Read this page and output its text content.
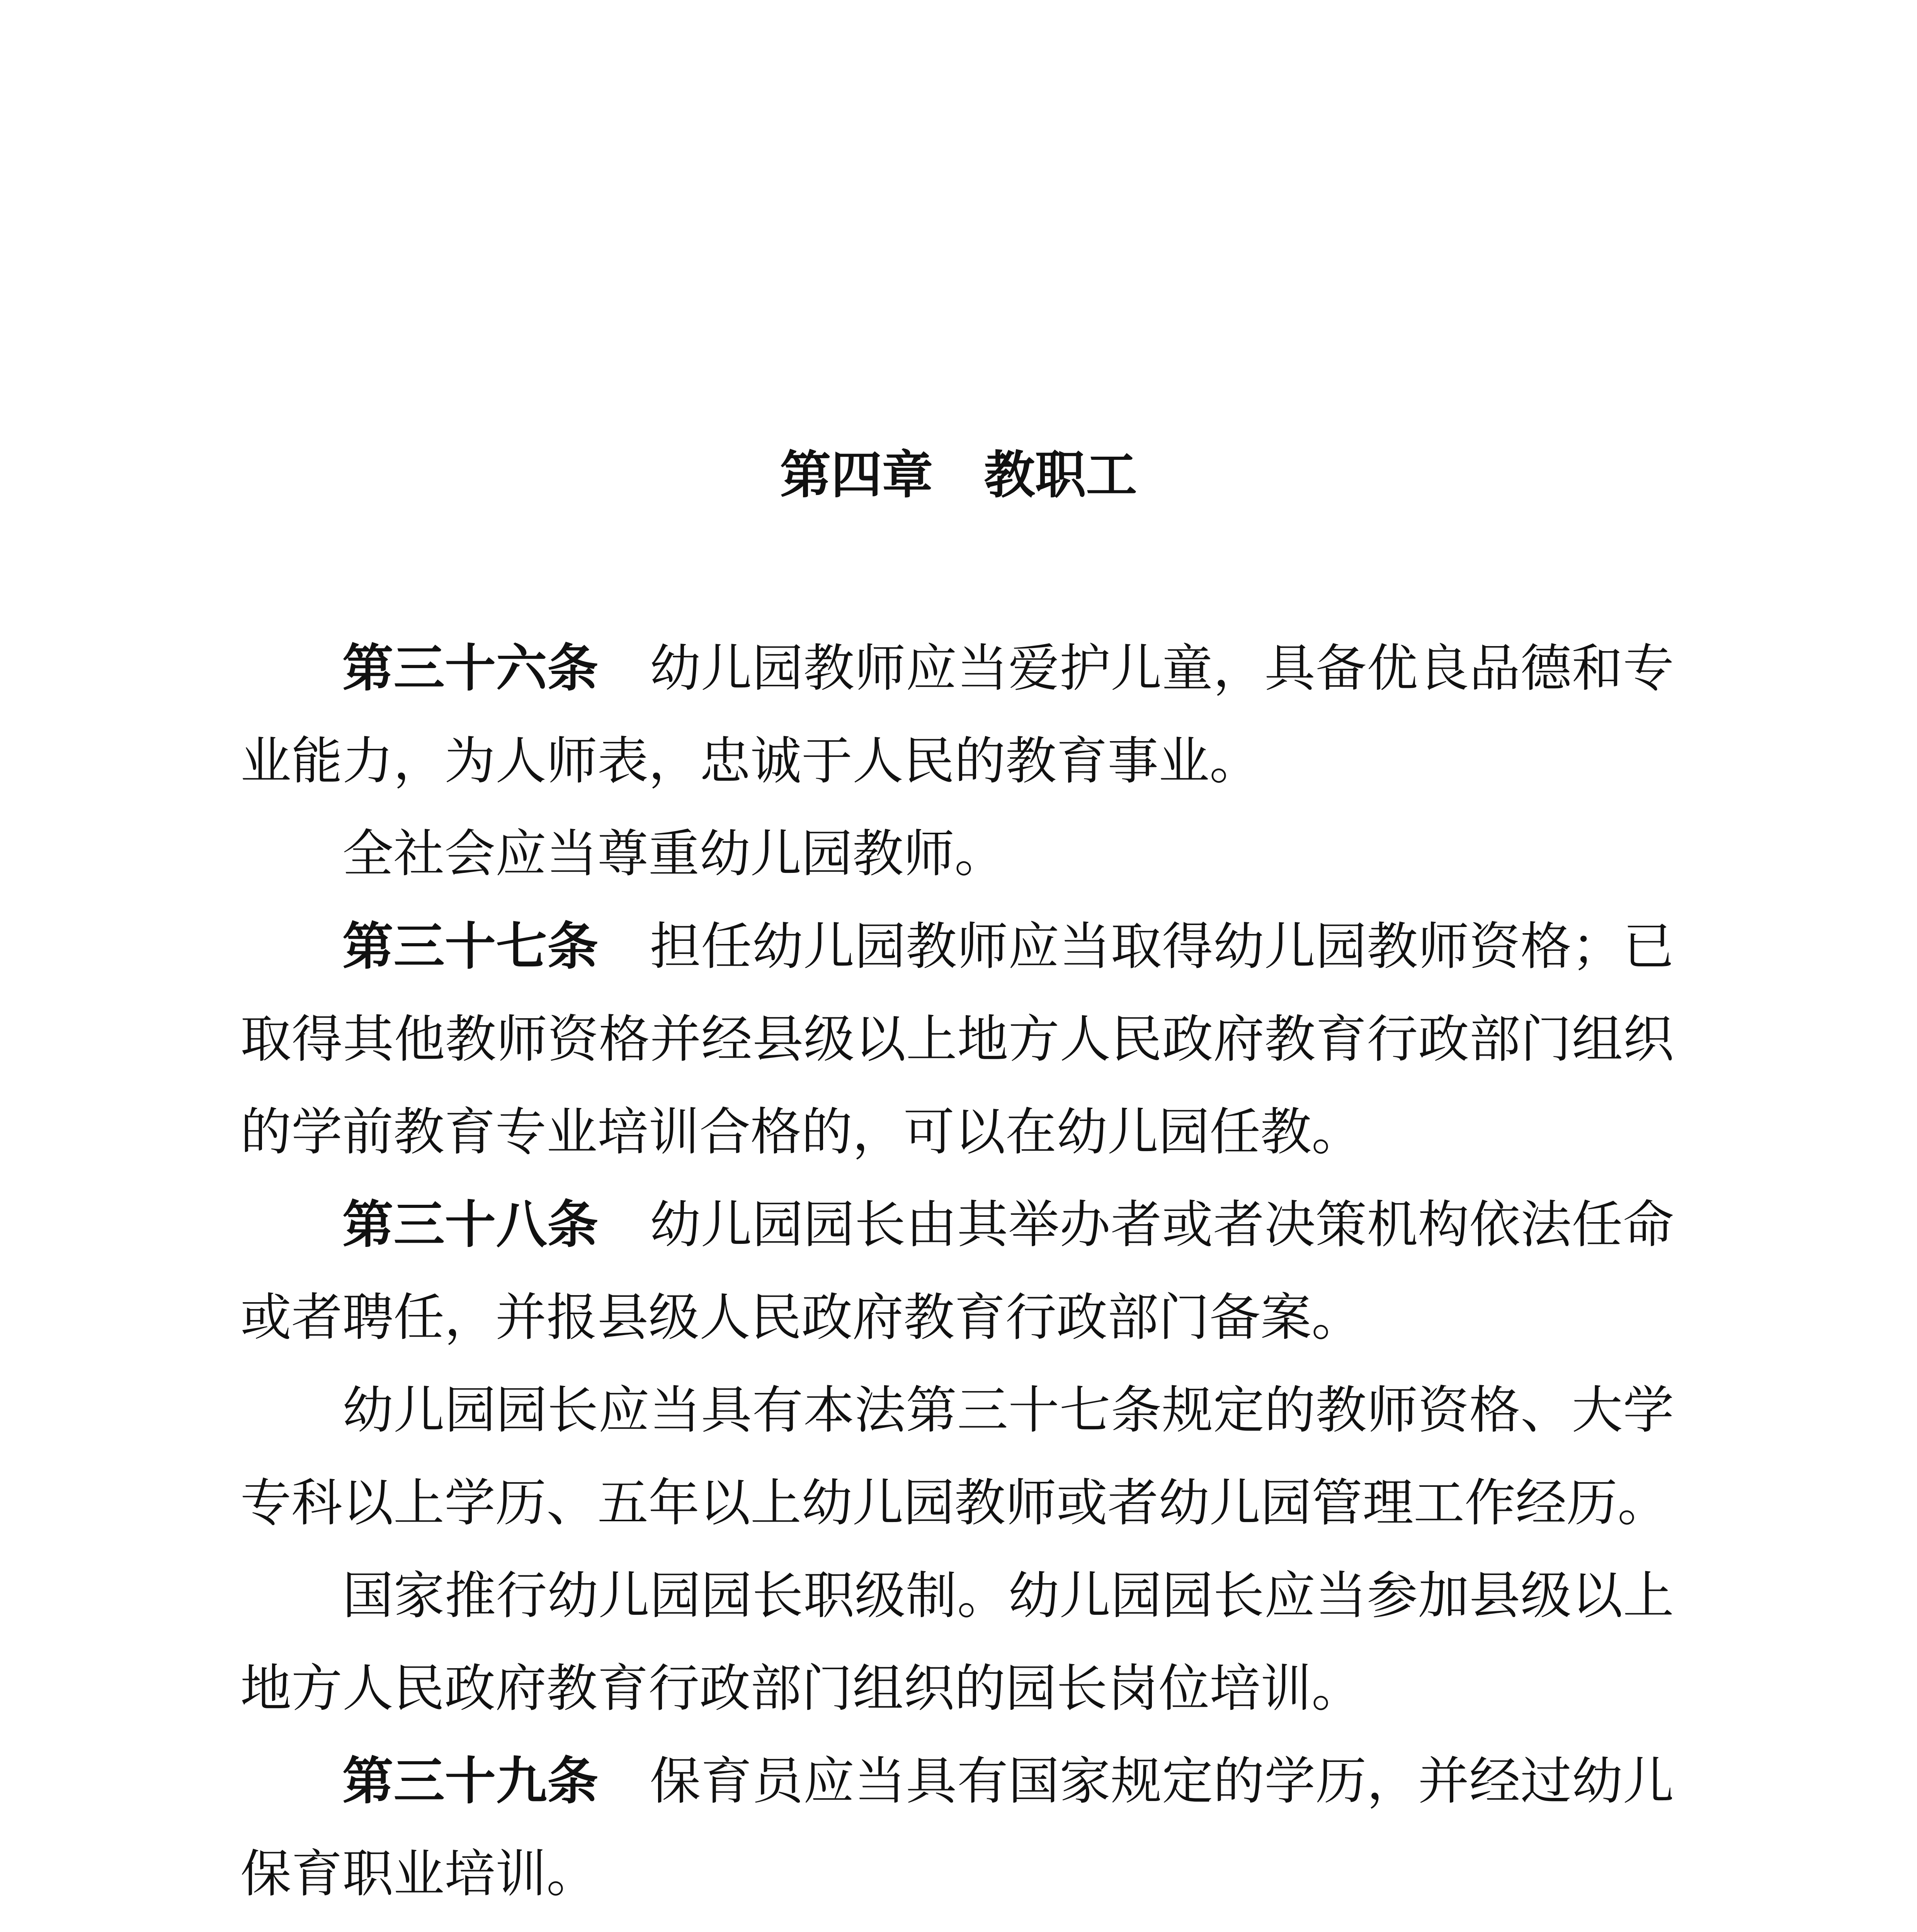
第四章　教职工

第三十六条 幼儿园教师应当爱护儿童，具备优良品德和专业能力，为人师表，忠诚于人民的教育事业。

全社会应当尊重幼儿园教师。

第三十七条 担任幼儿园教师应当取得幼儿园教师资格；已取得其他教师资格并经县级以上地方人民政府教育行政部门组织的学前教育专业培训合格的，可以在幼儿园任教。

第三十八条 幼儿园园长由其举办者或者决策机构依法任命或者聘任，并报县级人民政府教育行政部门备案。

幼儿园园长应当具有本法第三十七条规定的教师资格、大学专科以上学历、五年以上幼儿园教师或者幼儿园管理工作经历。

国家推行幼儿园园长职级制。幼儿园园长应当参加县级以上地方人民政府教育行政部门组织的园长岗位培训。

第三十九条 保育员应当具有国家规定的学历，并经过幼儿保育职业培训。
